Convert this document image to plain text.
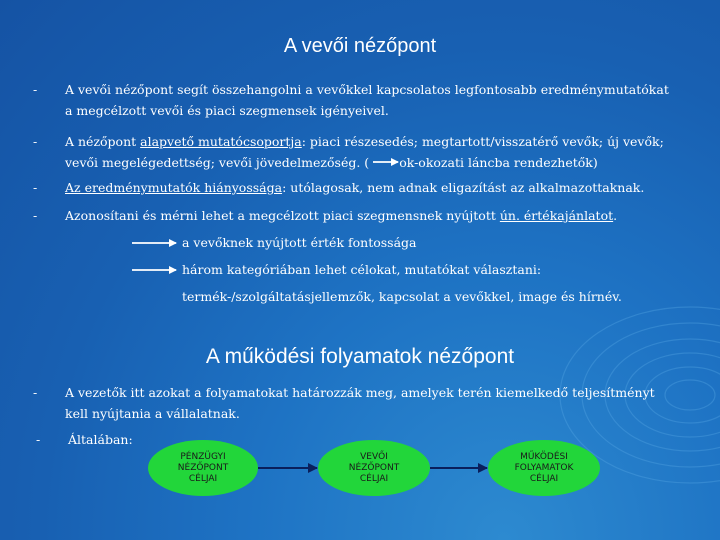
A vevői nézőpont
- A vevői nézőpont segít összehangolni a vevőkkel kapcsolatos legfontosabb eredménymutatókat
a megcélzott vevői és piaci szegmensek igényeivel.
- A nézőpont alapvető mutatócsoportja: piaci részesedés; megtartott/visszatérő vevők; új vevők;
vevői megelégedettség; vevői jövedelmezőség. ( ok-okozati láncba rendezhetők)
- Az eredménymutatók hiányossága: utólagosak, nem adnak eligazítást az alkalmazottaknak.
- Azonosítani és mérni lehet a megcélzott piaci szegmensnek nyújtott ún. értékajánlatot.
a vevőknek nyújtott érték fontossága
három kategóriában lehet célokat, mutatókat választani:
termék-/szolgáltatásjellemzők, kapcsolat a vevőkkel, image és hírnév.
A működési folyamatok nézőpont
- A vezetők itt azokat a folyamatokat határozzák meg, amelyek terén kiemelkedő teljesítményt
kell nyújtania a vállalatnak.
- Általában:
PÉNZÜGYI
NÉZŐPONT
CÉLJAI
VEVŐI
NÉZŐPONT
CÉLJAI
MŰKÖDÉSI
FOLYAMATOK
CÉLJAI
